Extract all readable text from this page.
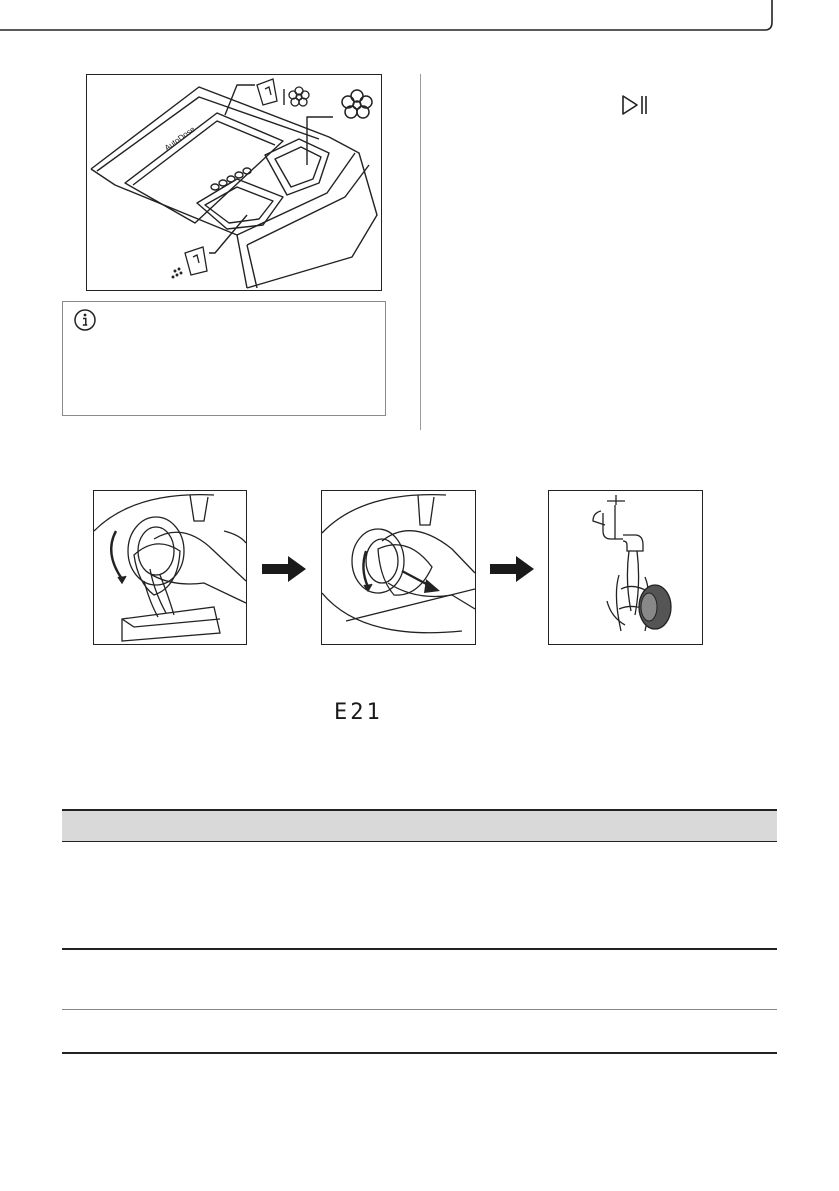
AutoDose
E21
